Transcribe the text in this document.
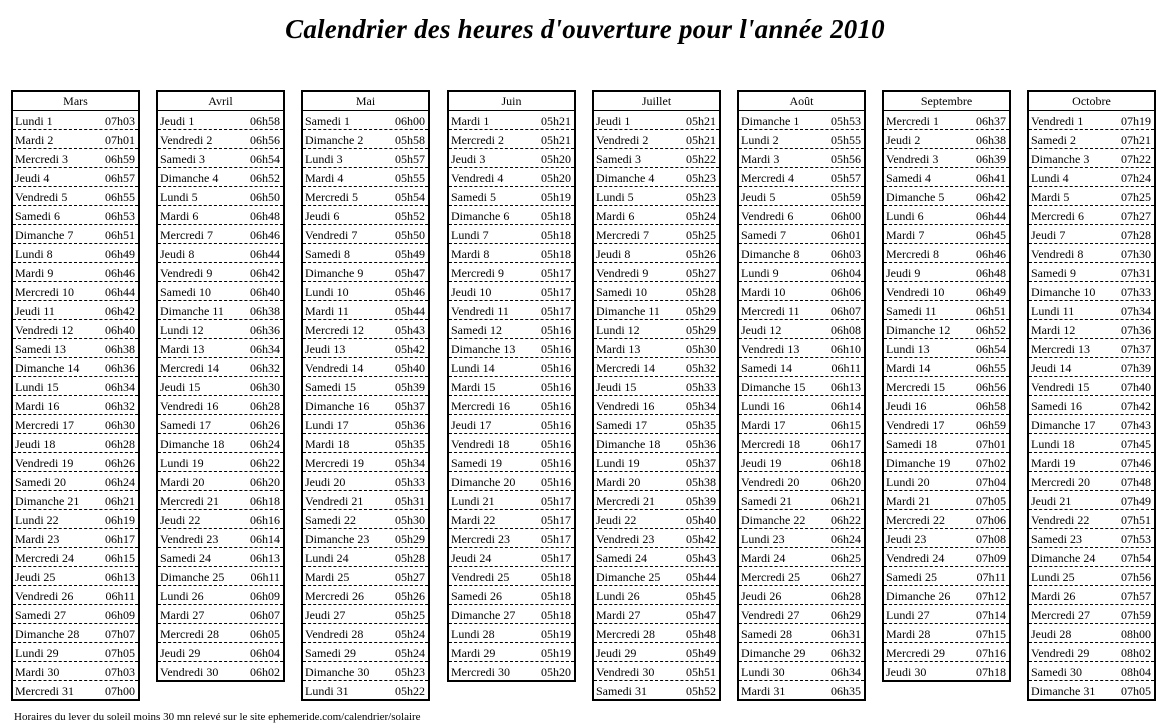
Calendrier des heures d'ouverture pour l'année 2010
Mars
Lundi 1	07h03
Mardi 2	07h01
Mercredi 3	06h59
Jeudi 4	06h57
Vendredi 5	06h55
Samedi 6	06h53
Dimanche 7	06h51
Lundi 8	06h49
Mardi 9	06h46
Mercredi 10	06h44
Jeudi 11	06h42
Vendredi 12	06h40
Samedi 13	06h38
Dimanche 14 06h36
Lundi 15	06h34
Mardi 16	06h32
Mercredi 17	06h30
Jeudi 18	06h28
Vendredi 19	06h26
Samedi 20	06h24
Dimanche 21 06h21
Lundi 22	06h19
Mardi 23	06h17
Mercredi 24	06h15
Jeudi 25	06h13
Vendredi 26	06h11
Samedi 27	06h09
Dimanche 28 07h07
Lundi 29	07h05
Mardi 30	07h03
Mercredi 31	07h00
Avril
Jeudi 1	06h58
Vendredi 2	06h56
Samedi 3	06h54
Dimanche 4	06h52
Lundi 5	06h50
Mardi 6	06h48
Mercredi 7	06h46
Jeudi 8	06h44
Vendredi 9	06h42
Samedi 10	06h40
Dimanche 11 06h38
Lundi 12	06h36
Mardi 13	06h34
Mercredi 14	06h32
Jeudi 15	06h30
Vendredi 16	06h28
Samedi 17	06h26
Dimanche 18 06h24
Lundi 19	06h22
Mardi 20	06h20
Mercredi 21	06h18
Jeudi 22	06h16
Vendredi 23	06h14
Samedi 24	06h13
Dimanche 25 06h11
Lundi 26	06h09
Mardi 27	06h07
Mercredi 28	06h05
Jeudi 29	06h04
Vendredi 30	06h02
Mai
Samedi 1	06h00
Dimanche 2	05h58
Lundi 3	05h57
Mardi 4	05h55
Mercredi 5	05h54
Jeudi 6	05h52
Vendredi 7	05h50
Samedi 8	05h49
Dimanche 9	05h47
Lundi 10	05h46
Mardi 11	05h44
Mercredi 12	05h43
Jeudi 13	05h42
Vendredi 14	05h40
Samedi 15	05h39
Dimanche 16 05h37
Lundi 17	05h36
Mardi 18	05h35
Mercredi 19	05h34
Jeudi 20	05h33
Vendredi 21	05h31
Samedi 22	05h30
Dimanche 23 05h29
Lundi 24	05h28
Mardi 25	05h27
Mercredi 26	05h26
Jeudi 27	05h25
Vendredi 28	05h24
Samedi 29	05h24
Dimanche 30 05h23
Lundi 31	05h22
Juin
Mardi 1	05h21
Mercredi 2	05h21
Jeudi 3	05h20
Vendredi 4	05h20
Samedi 5	05h19
Dimanche 6	05h18
Lundi 7	05h18
Mardi 8	05h18
Mercredi 9	05h17
Jeudi 10	05h17
Vendredi 11	05h17
Samedi 12	05h16
Dimanche 13 05h16
Lundi 14	05h16
Mardi 15	05h16
Mercredi 16	05h16
Jeudi 17	05h16
Vendredi 18	05h16
Samedi 19	05h16
Dimanche 20 05h16
Lundi 21	05h17
Mardi 22	05h17
Mercredi 23	05h17
Jeudi 24	05h17
Vendredi 25	05h18
Samedi 26	05h18
Dimanche 27 05h18
Lundi 28	05h19
Mardi 29	05h19
Mercredi 30	05h20
Juillet
Jeudi 1	05h21
Vendredi 2	05h21
Samedi 3	05h22
Dimanche 4	05h23
Lundi 5	05h23
Mardi 6	05h24
Mercredi 7	05h25
Jeudi 8	05h26
Vendredi 9	05h27
Samedi 10	05h28
Dimanche 11 05h29
Lundi 12	05h29
Mardi 13	05h30
Mercredi 14	05h32
Jeudi 15	05h33
Vendredi 16	05h34
Samedi 17	05h35
Dimanche 18 05h36
Lundi 19	05h37
Mardi 20	05h38
Mercredi 21	05h39
Jeudi 22	05h40
Vendredi 23	05h42
Samedi 24	05h43
Dimanche 25 05h44
Lundi 26	05h45
Mardi 27	05h47
Mercredi 28	05h48
Jeudi 29	05h49
Vendredi 30	05h51
Samedi 31	05h52
Août
Dimanche 1	05h53
Lundi 2	05h55
Mardi 3	05h56
Mercredi 4	05h57
Jeudi 5	05h59
Vendredi 6	06h00
Samedi 7	06h01
Dimanche 8	06h03
Lundi 9	06h04
Mardi 10	06h06
Mercredi 11	06h07
Jeudi 12	06h08
Vendredi 13	06h10
Samedi 14	06h11
Dimanche 15 06h13
Lundi 16	06h14
Mardi 17	06h15
Mercredi 18	06h17
Jeudi 19	06h18
Vendredi 20	06h20
Samedi 21	06h21
Dimanche 22 06h22
Lundi 23	06h24
Mardi 24	06h25
Mercredi 25	06h27
Jeudi 26	06h28
Vendredi 27	06h29
Samedi 28	06h31
Dimanche 29 06h32
Lundi 30	06h34
Mardi 31	06h35
Septembre
Mercredi 1	06h37
Jeudi 2	06h38
Vendredi 3	06h39
Samedi 4	06h41
Dimanche 5	06h42
Lundi 6	06h44
Mardi 7	06h45
Mercredi 8	06h46
Jeudi 9	06h48
Vendredi 10	06h49
Samedi 11	06h51
Dimanche 12 06h52
Lundi 13	06h54
Mardi 14	06h55
Mercredi 15	06h56
Jeudi 16	06h58
Vendredi 17	06h59
Samedi 18	07h01
Dimanche 19 07h02
Lundi 20	07h04
Mardi 21	07h05
Mercredi 22	07h06
Jeudi 23	07h08
Vendredi 24	07h09
Samedi 25	07h11
Dimanche 26 07h12
Lundi 27	07h14
Mardi 28	07h15
Mercredi 29	07h16
Jeudi 30	07h18
Octobre
Vendredi 1	07h19
Samedi 2	07h21
Dimanche 3	07h22
Lundi 4	07h24
Mardi 5	07h25
Mercredi 6	07h27
Jeudi 7	07h28
Vendredi 8	07h30
Samedi 9	07h31
Dimanche 10 07h33
Lundi 11	07h34
Mardi 12	07h36
Mercredi 13	07h37
Jeudi 14	07h39
Vendredi 15	07h40
Samedi 16	07h42
Dimanche 17 07h43
Lundi 18	07h45
Mardi 19	07h46
Mercredi 20	07h48
Jeudi 21	07h49
Vendredi 22	07h51
Samedi 23	07h53
Dimanche 24 07h54
Lundi 25	07h56
Mardi 26	07h57
Mercredi 27	07h59
Jeudi 28	08h00
Vendredi 29	08h02
Samedi 30	08h04
Dimanche 31 07h05
Horaires du lever du soleil moins 30 mn relevé sur le site ephemeride.com/calendrier/solaire
